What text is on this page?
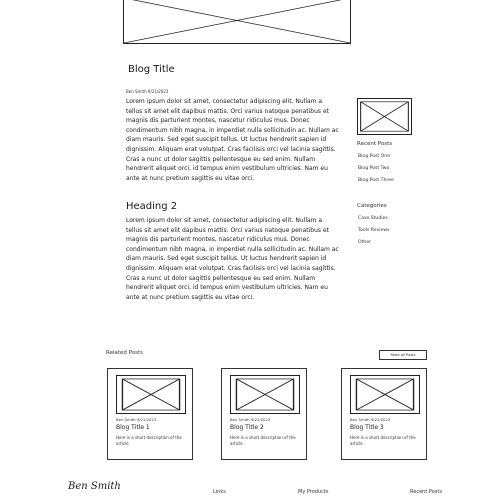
Blog Title
Ben Smith 9/21/2023
Lorem ipsum dolor sit amet, consectetur adipiscing elit. Nullam a
tellus sit amet elit dapibus mattis. Orci varius natoque penatibus et
magnis dis parturient montes, nascetur ridiculus mus. Donec
condimentum nibh magna, in imperdiet nulla sollicitudin ac. Nullam ac
diam mauris. Sed eget suscipit tellus. Ut luctus hendrerit sapien id
dignissim. Aliquam erat volutpat. Cras facilisis orci vel lacinia sagittis.
Cras a nunc ut dolor sagittis pellentesque eu sed enim. Nullam
hendrerit aliquet orci, id tempus enim vestibulum ultricies. Nam eu
ante at nunc pretium sagittis eu vitae orci.
Heading 2
Lorem ipsum dolor sit amet, consectetur adipiscing elit. Nullam a
tellus sit amet elit dapibus mattis. Orci varius natoque penatibus et
magnis dis parturient montes, nascetur ridiculus mus. Donec
condimentum nibh magna, in imperdiet nulla sollicitudin ac. Nullam ac
diam mauris. Sed eget suscipit tellus. Ut luctus hendrerit sapien id
dignissim. Aliquam erat volutpat. Cras facilisis orci vel lacinia sagittis.
Cras a nunc ut dolor sagittis pellentesque eu sed enim. Nullam
hendrerit aliquet orci, id tempus enim vestibulum ultricies. Nam eu
ante at nunc pretium sagittis eu vitae orci.
Recent Posts
Blog Post One
Blog Post Two
Blog Post Three
Categories
Case Studies
Tools Reviews
Other
Related Posts	Read all Posts
Ben Smith 9/21/2023
Blog Title 1
Here is a short description of the article
Ben Smith 9/21/2023
Blog Title 2
Here is a short description of the article
Ben Smith 9/21/2023
Blog Title 3
Here is a short description of the article
Ben Smith	Links	My Products	Recent Posts
